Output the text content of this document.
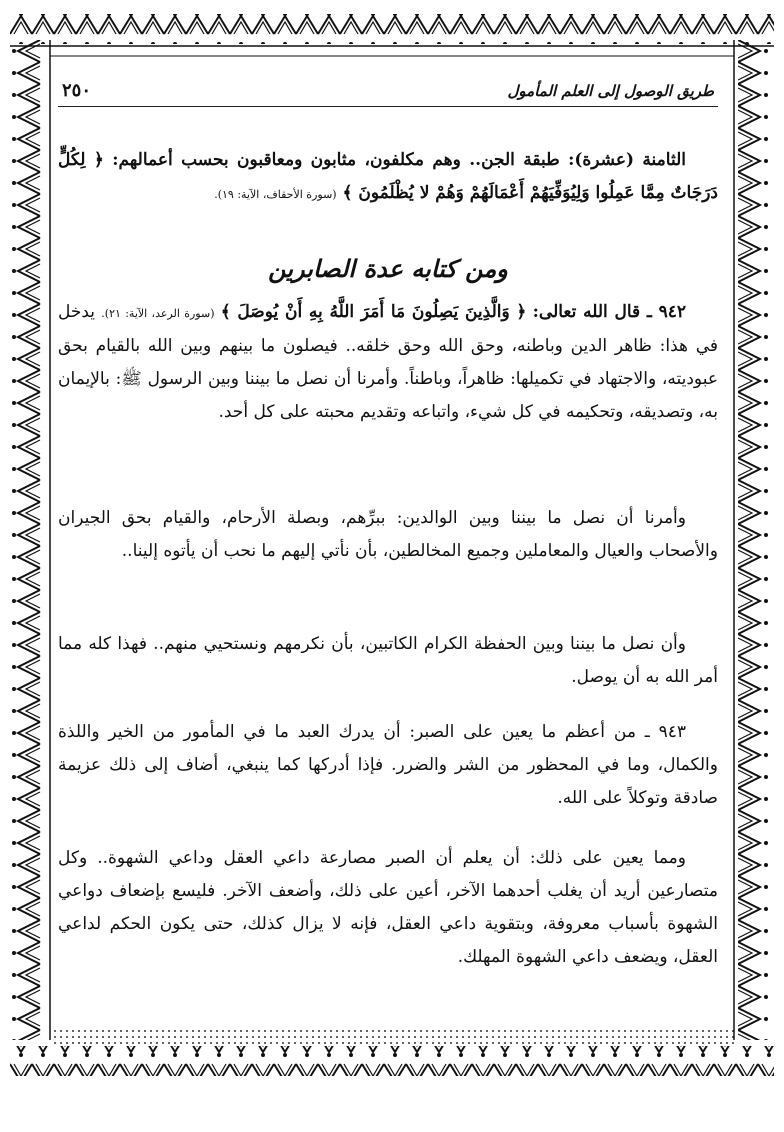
طريق الوصول إلى العلم المأمول
٢٥٠
الثامنة (عشرة): طبقة الجن.. وهم مكلفون، مثابون ومعاقبون بحسب أعمالهم: ﴿ لِكُلٍّ دَرَجَاتٌ مِمَّا عَمِلُوا وَلِيُوَفِّيَهُمْ أَعْمَالَهُمْ وَهُمْ لا يُظْلَمُونَ ﴾ (سورة الأحقاف، الآية: ١٩).
ومن كتابه عدة الصابرين
٩٤٢ ـ قال الله تعالى: ﴿ وَالَّذِينَ يَصِلُونَ مَا أَمَرَ اللَّهُ بِهِ أَنْ يُوصَلَ ﴾ (سورة الرعد، الآية: ٢١). يدخل في هذا: ظاهر الدين وباطنه، وحق الله وحق خلقه.. فيصلون ما بينهم وبين الله بالقيام بحق عبوديته، والاجتهاد في تكميلها: ظاهراً، وباطناً. وأمرنا أن نصل ما بيننا وبين الرسول ﷺ: بالإيمان به، وتصديقه، وتحكيمه في كل شيء، واتباعه وتقديم محبته على كل أحد.
وأمرنا أن نصل ما بيننا وبين الوالدين: ببرِّهم، وبصلة الأرحام، والقيام بحق الجيران والأصحاب والعيال والمعاملين وجميع المخالطين، بأن نأتي إليهم ما نحب أن يأتوه إلينا..
وأن نصل ما بيننا وبين الحفظة الكرام الكاتبين، بأن نكرمهم ونستحيي منهم.. فهذا كله مما أمر الله به أن يوصل.
٩٤٣ ـ من أعظم ما يعين على الصبر: أن يدرك العبد ما في المأمور من الخير واللذة والكمال، وما في المحظور من الشر والضرر. فإذا أدركها كما ينبغي، أضاف إلى ذلك عزيمة صادقة وتوكلاً على الله.
ومما يعين على ذلك: أن يعلم أن الصبر مصارعة داعي العقل وداعي الشهوة.. وكل متصارعين أريد أن يغلب أحدهما الآخر، أعين على ذلك، وأضعف الآخر. فليسع بإضعاف دواعي الشهوة بأسباب معروفة، وبتقوية داعي العقل، فإنه لا يزال كذلك، حتى يكون الحكم لداعي العقل، ويضعف داعي الشهوة المهلك.
